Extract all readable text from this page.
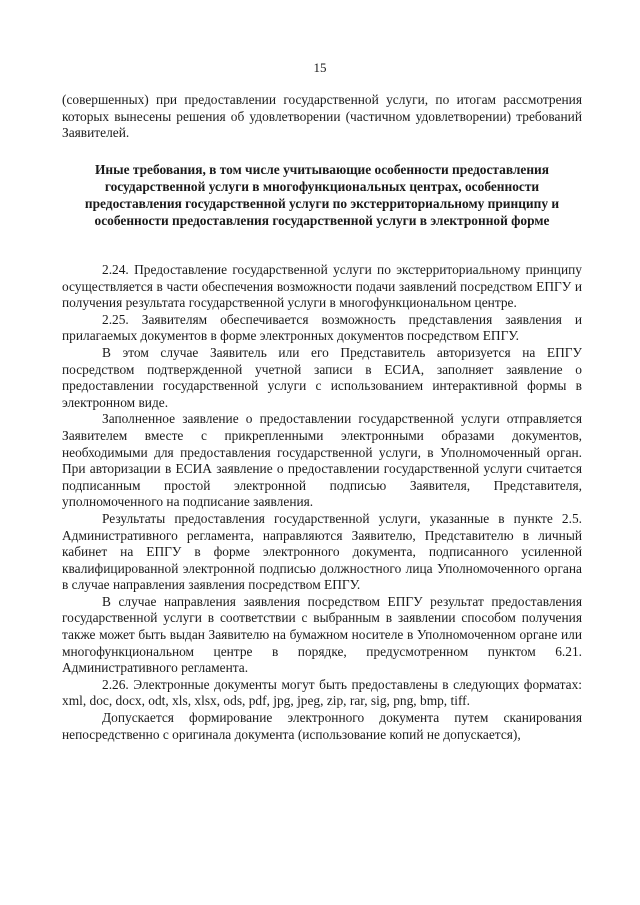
15

(совершенных) при предоставлении государственной услуги, по итогам рассмотрения которых вынесены решения об удовлетворении (частичном удовлетворении) требований Заявителей.

Иные требования, в том числе учитывающие особенности предоставления государственной услуги в многофункциональных центрах, особенности предоставления государственной услуги по экстерриториальному принципу и особенности предоставления государственной услуги в электронной форме

2.24. Предоставление государственной услуги по экстерриториальному принципу осуществляется в части обеспечения возможности подачи заявлений посредством ЕПГУ и получения результата государственной услуги в многофункциональном центре.

2.25. Заявителям обеспечивается возможность представления заявления и прилагаемых документов в форме электронных документов посредством ЕПГУ.

В этом случае Заявитель или его Представитель авторизуется на ЕПГУ посредством подтвержденной учетной записи в ЕСИА, заполняет заявление о предоставлении государственной услуги с использованием интерактивной формы в электронном виде.

Заполненное заявление о предоставлении государственной услуги отправляется Заявителем вместе с прикрепленными электронными образами документов, необходимыми для предоставления государственной услуги, в Уполномоченный орган. При авторизации в ЕСИА заявление о предоставлении государственной услуги считается подписанным простой электронной подписью Заявителя, Представителя, уполномоченного на подписание заявления.

Результаты предоставления государственной услуги, указанные в пункте 2.5. Административного регламента, направляются Заявителю, Представителю в личный кабинет на ЕПГУ в форме электронного документа, подписанного усиленной квалифицированной электронной подписью должностного лица Уполномоченного органа в случае направления заявления посредством ЕПГУ.

В случае направления заявления посредством ЕПГУ результат предоставления государственной услуги в соответствии с выбранным в заявлении способом получения также может быть выдан Заявителю на бумажном носителе в Уполномоченном органе или многофункциональном центре в порядке, предусмотренном пунктом 6.21. Административного регламента.

2.26. Электронные документы могут быть предоставлены в следующих форматах: xml, doc, docx, odt, xls, xlsx, ods, pdf, jpg, jpeg, zip, rar, sig, png, bmp, tiff.

Допускается формирование электронного документа путем сканирования непосредственно с оригинала документа (использование копий не допускается),
